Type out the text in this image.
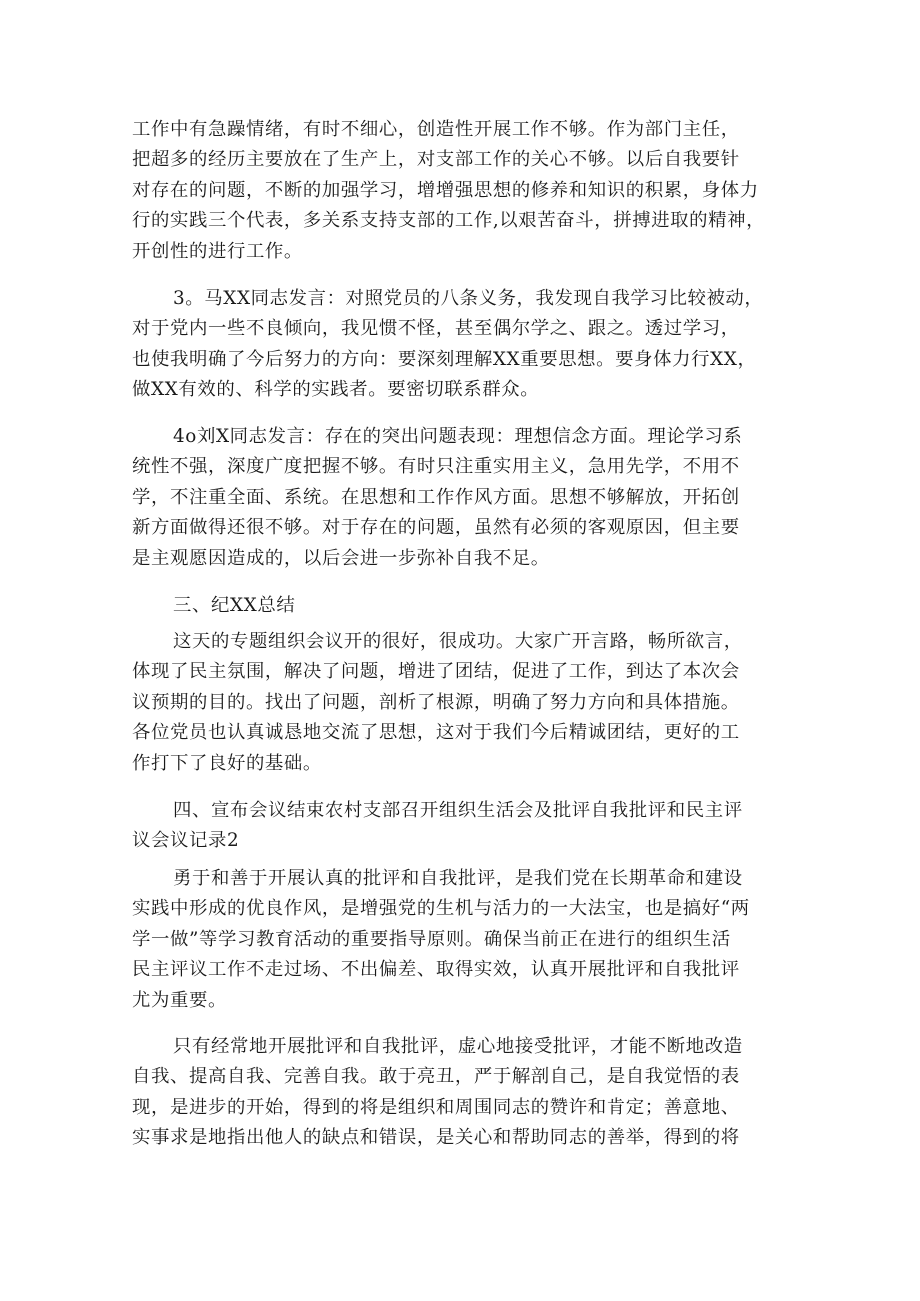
工作中有急躁情绪，有时不细心，创造性开展工作不够。作为部门主任，
把超多的经历主要放在了生产上，对支部工作的关心不够。以后自我要针
对存在的问题，不断的加强学习，增增强思想的修养和知识的积累，身体力
行的实践三个代表，多关系支持支部的工作,以艰苦奋斗，拼搏进取的精神，
开创性的进行工作。
3。马XX同志发言：对照党员的八条义务，我发现自我学习比较被动，
对于党内一些不良倾向，我见惯不怪，甚至偶尔学之、跟之。透过学习，
也使我明确了今后努力的方向：要深刻理解XX重要思想。要身体力行XX，
做XX有效的、科学的实践者。要密切联系群众。
4o刘X同志发言：存在的突出问题表现：理想信念方面。理论学习系
统性不强，深度广度把握不够。有时只注重实用主义，急用先学，不用不
学，不注重全面、系统。在思想和工作作风方面。思想不够解放，开拓创
新方面做得还很不够。对于存在的问题，虽然有必须的客观原因，但主要
是主观愿因造成的，以后会进一步弥补自我不足。
三、纪XX总结
这天的专题组织会议开的很好，很成功。大家广开言路，畅所欲言，
体现了民主氛围，解决了问题，增进了团结，促进了工作，到达了本次会
议预期的目的。找出了问题，剖析了根源，明确了努力方向和具体措施。
各位党员也认真诚恳地交流了思想，这对于我们今后精诚团结，更好的工
作打下了良好的基础。
四、宣布会议结束农村支部召开组织生活会及批评自我批评和民主评
议会议记录2
勇于和善于开展认真的批评和自我批评，是我们党在长期革命和建设
实践中形成的优良作风，是增强党的生机与活力的一大法宝，也是搞好“两
学一做”等学习教育活动的重要指导原则。确保当前正在进行的组织生活
民主评议工作不走过场、不出偏差、取得实效，认真开展批评和自我批评
尤为重要。
只有经常地开展批评和自我批评，虚心地接受批评，才能不断地改造
自我、提高自我、完善自我。敢于亮丑，严于解剖自己，是自我觉悟的表
现，是进步的开始，得到的将是组织和周围同志的赞许和肯定；善意地、
实事求是地指出他人的缺点和错误，是关心和帮助同志的善举，得到的将
